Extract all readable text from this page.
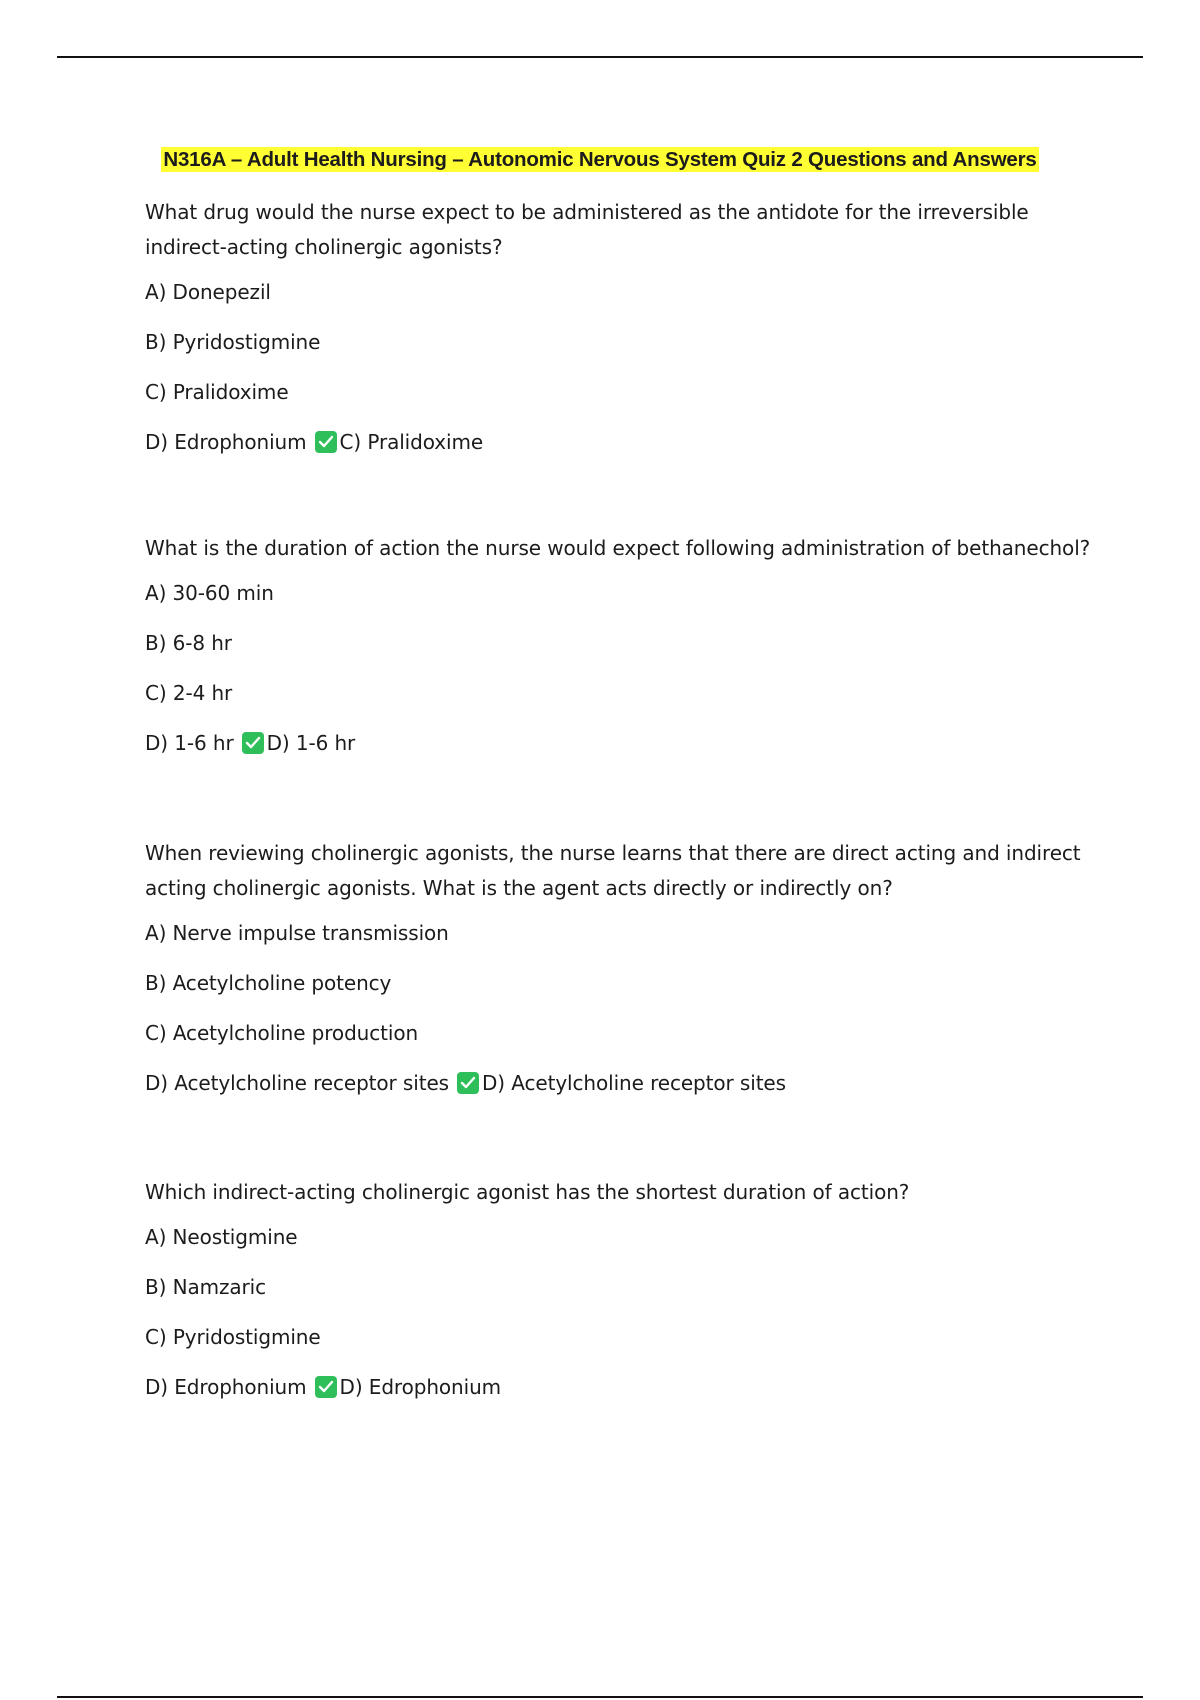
N316A – Adult Health Nursing – Autonomic Nervous System Quiz 2 Questions and Answers

What drug would the nurse expect to be administered as the antidote for the irreversible indirect-acting cholinergic agonists?

A) Donepezil

B) Pyridostigmine

C) Pralidoxime

D) Edrophonium C) Pralidoxime

What is the duration of action the nurse would expect following administration of bethanechol?

A) 30-60 min

B) 6-8 hr

C) 2-4 hr

D) 1-6 hr D) 1-6 hr

When reviewing cholinergic agonists, the nurse learns that there are direct acting and indirect acting cholinergic agonists. What is the agent acts directly or indirectly on?

A) Nerve impulse transmission

B) Acetylcholine potency

C) Acetylcholine production

D) Acetylcholine receptor sites D) Acetylcholine receptor sites

Which indirect-acting cholinergic agonist has the shortest duration of action?

A) Neostigmine

B) Namzaric

C) Pyridostigmine

D) Edrophonium D) Edrophonium
